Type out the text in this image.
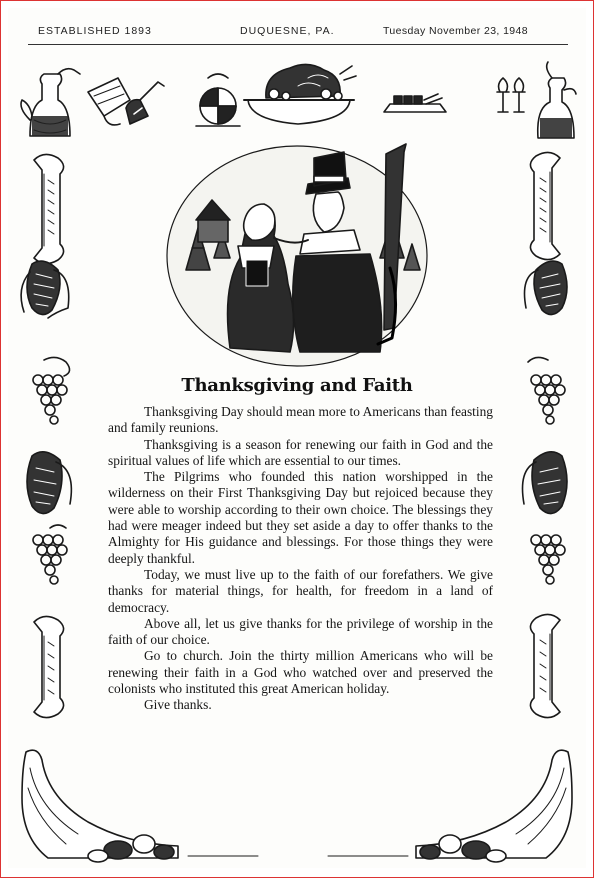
ESTABLISHED 1893	DUQUESNE, PA.	Tuesday November 23, 1948
Thanksgiving and Faith

Thanksgiving Day should mean more to Americans than feasting and family reunions.

Thanksgiving is a season for renewing our faith in God and the spiritual values of life which are essential to our times.

The Pilgrims who founded this nation worshipped in the wilderness on their First Thanksgiving Day but rejoiced because they were able to worship according to their own choice. The blessings they had were meager indeed but they set aside a day to offer thanks to the Almighty for His guidance and blessings. For those things they were deeply thankful.

Today, we must live up to the faith of our forefathers. We give thanks for material things, for health, for freedom in a land of democracy.

Above all, let us give thanks for the privilege of worship in the faith of our choice.

Go to church. Join the thirty million Americans who will be renewing their faith in a God who watched over and preserved the colonists who instituted this great American holiday.

Give thanks.
